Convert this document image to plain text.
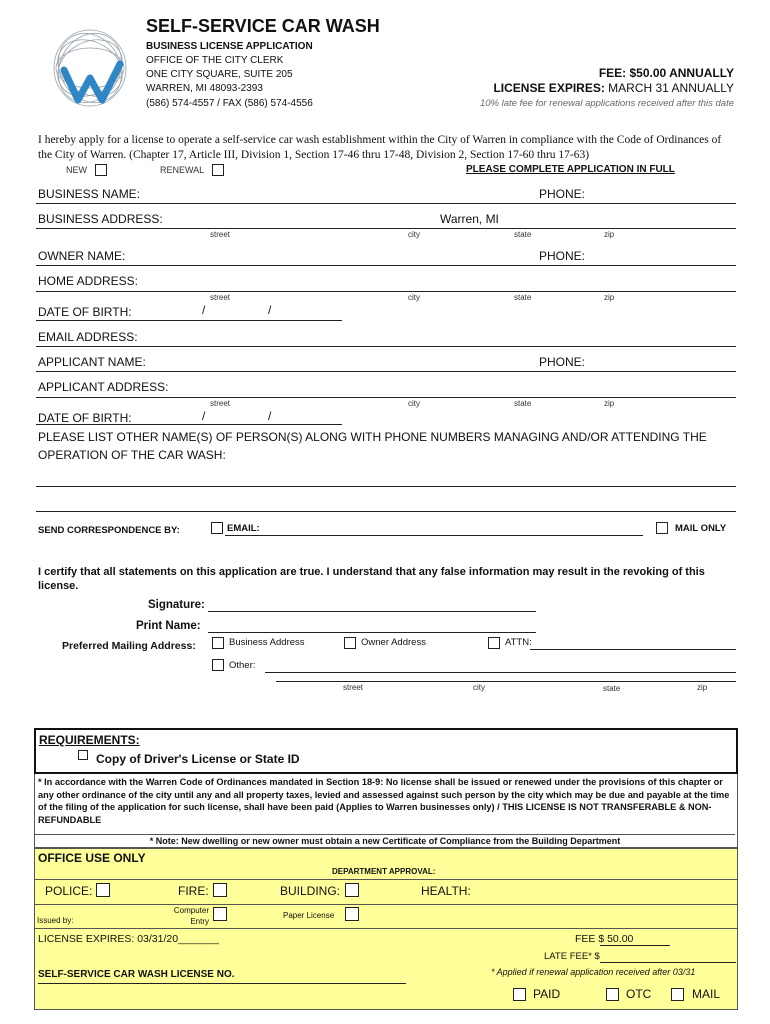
SELF-SERVICE CAR WASH
BUSINESS LICENSE APPLICATION
OFFICE OF THE CITY CLERK
ONE CITY SQUARE, SUITE 205
WARREN, MI 48093-2393
(586) 574-4557 / FAX (586) 574-4556
FEE: $50.00 ANNUALLY
LICENSE EXPIRES: MARCH 31 ANNUALLY
10% late fee for renewal applications received after this date
I hereby apply for a license to operate a self-service car wash establishment within the City of Warren in compliance with the Code of Ordinances of the City of Warren. (Chapter 17, Article III, Division 1, Section 17-46 thru 17-48, Division 2, Section 17-60 thru 17-63)
NEW	RENEWAL	PLEASE COMPLETE APPLICATION IN FULL
BUSINESS NAME:	PHONE:
BUSINESS ADDRESS:	Warren, MI
street	city	state	zip
OWNER NAME:	PHONE:
HOME ADDRESS:
street	city	state	zip
DATE OF BIRTH:	/	/
EMAIL ADDRESS:
APPLICANT NAME:	PHONE:
APPLICANT ADDRESS:
street	city	state	zip
DATE OF BIRTH:	/	/
PLEASE LIST OTHER NAME(S) OF PERSON(S) ALONG WITH PHONE NUMBERS MANAGING AND/OR ATTENDING THE OPERATION OF THE CAR WASH:
SEND CORRESPONDENCE BY:	EMAIL:	MAIL ONLY
I certify that all statements on this application are true. I understand that any false information may result in the revoking of this license.
Signature:
Print Name:
Preferred Mailing Address:	Business Address	Owner Address	ATTN:
Other:
street	city	state	zip
REQUIREMENTS:
Copy of Driver's License or State ID
* In accordance with the Warren Code of Ordinances mandated in Section 18-9: No license shall be issued or renewed under the provisions of this chapter or any other ordinance of the city until any and all property taxes, levied and assessed against such person by the city which may be due and payable at the time of the filing of the application for such license, shall have been paid (Applies to Warren businesses only) / THIS LICENSE IS NOT TRANSFERABLE & NON-REFUNDABLE
* Note: New dwelling or new owner must obtain a new Certificate of Compliance from the Building Department
OFFICE USE ONLY
DEPARTMENT APPROVAL:
POLICE:	FIRE:	BUILDING:	HEALTH:
Issued by:
Computer Entry
Paper License
LICENSE EXPIRES: 03/31/20_______	FEE $ 50.00
LATE FEE* $
* Applied if renewal application received after 03/31
SELF-SERVICE CAR WASH LICENSE NO.
PAID	OTC	MAIL
